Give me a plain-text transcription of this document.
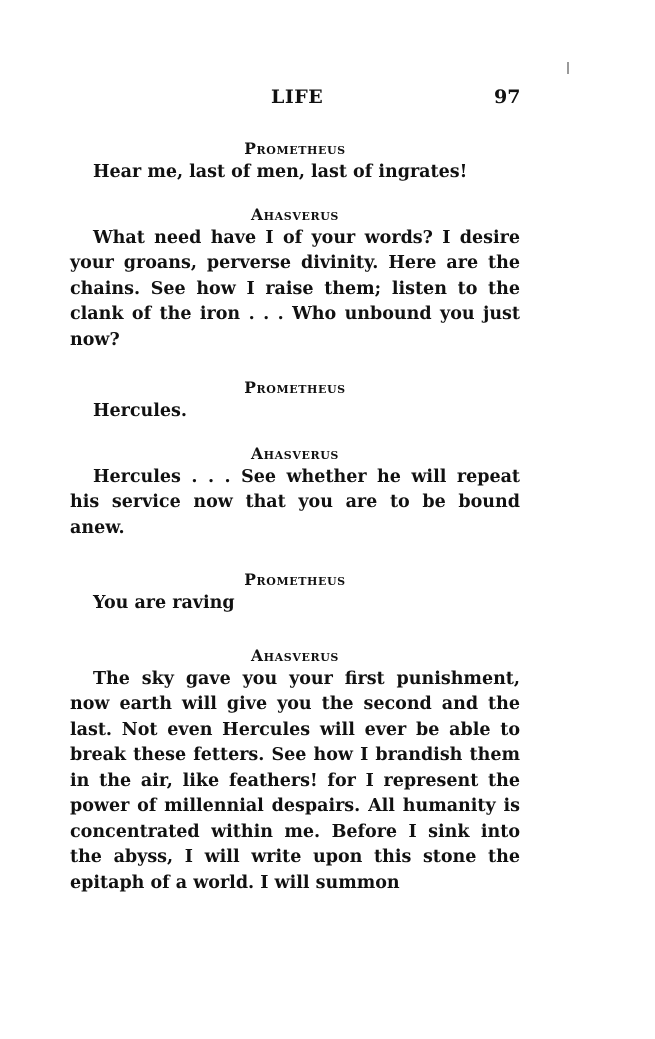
LIFE	97

Prometheus

Hear me, last of men, last of ingrates!

Ahasverus

What need have I of your words? I desire your groans, perverse divinity. Here are the chains. See how I raise them; listen to the clank of the iron . . . Who unbound you just now?

Prometheus

Hercules.

Ahasverus

Hercules . . . See whether he will repeat his service now that you are to be bound anew.

Prometheus

You are raving

Ahasverus

The sky gave you your first punishment, now earth will give you the second and the last. Not even Hercules will ever be able to break these fetters. See how I brandish them in the air, like feathers! for I represent the power of millennial despairs. All humanity is concentrated within me. Before I sink into the abyss, I will write upon this stone the epitaph of a world. I will summon
